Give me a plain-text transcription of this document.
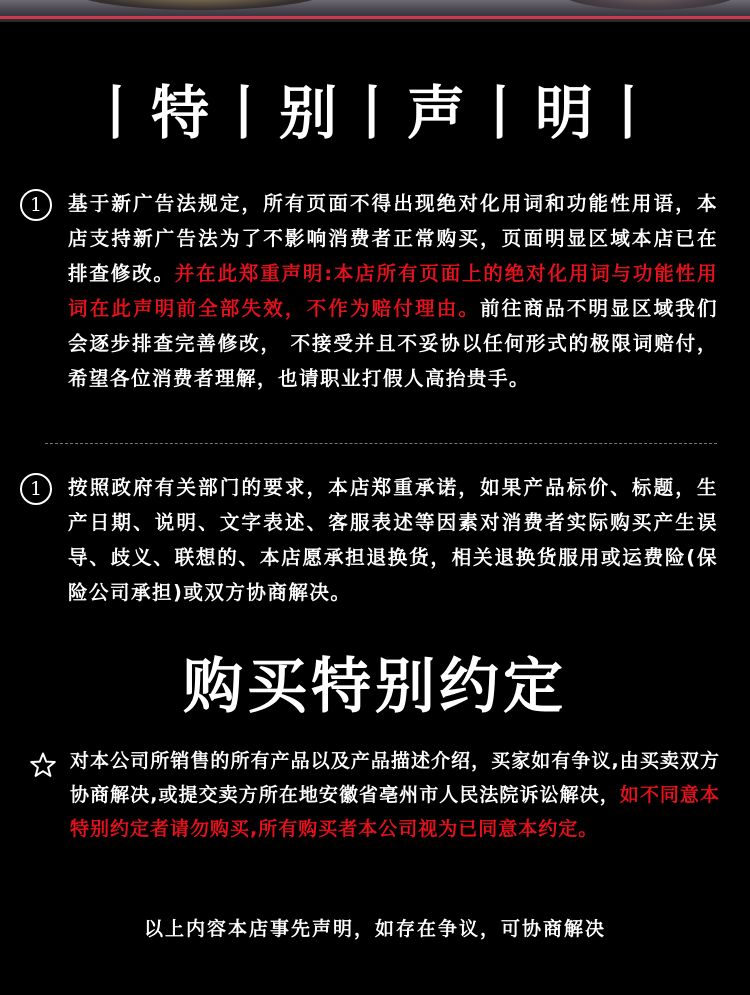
丨特丨别丨声丨明丨
1	基于新广告法规定，所有页面不得出现绝对化用词和功能性用语，本店支持新广告法为了不影响消费者正常购买，页面明显区域本店已在排查修改。并在此郑重声明:本店所有页面上的绝对化用词与功能性用词在此声明前全部失效，不作为赔付理由。前往商品不明显区域我们会逐步排查完善修改， 不接受并且不妥协以任何形式的极限词赔付，希望各位消费者理解，也请职业打假人高抬贵手。
1	按照政府有关部门的要求，本店郑重承诺，如果产品标价、标题，生产日期、说明、文字表述、客服表述等因素对消费者实际购买产生误导、歧义、联想的、本店愿承担退换货，相关退换货服用或运费险(保险公司承担)或双方协商解决。
购买特别约定
对本公司所销售的所有产品以及产品描述介绍，买家如有争议,由买卖双方协商解决,或提交卖方所在地安徽省亳州市人民法院诉讼解决，如不同意本特别约定者请勿购买,所有购买者本公司视为已同意本约定。
以上内容本店事先声明，如存在争议，可协商解决
